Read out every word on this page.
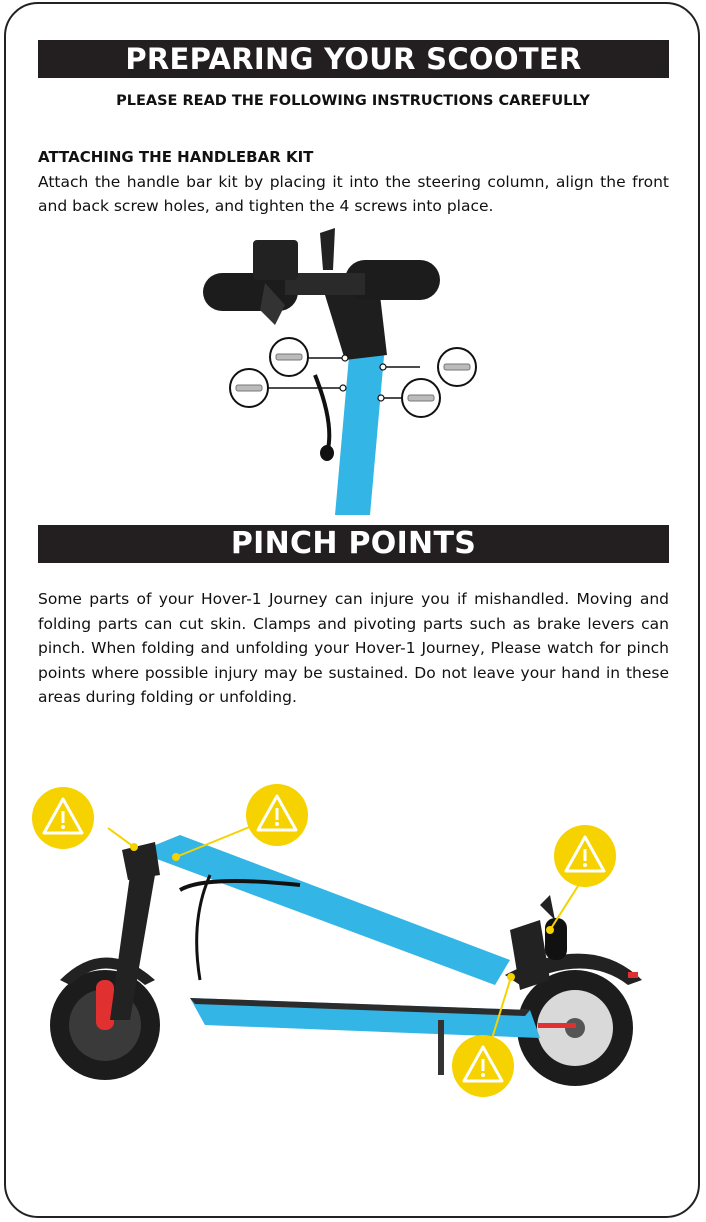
PREPARING YOUR SCOOTER
PLEASE READ THE FOLLOWING INSTRUCTIONS CAREFULLY
ATTACHING THE HANDLEBAR KIT
Attach the handle bar kit by placing it into the steering column, align the front and back screw holes, and tighten the 4 screws into place.
PINCH POINTS
Some parts of your Hover-1 Journey can injure you if mishandled. Moving and folding parts can cut skin. Clamps and pivoting parts such as brake levers can pinch. When folding and unfolding your Hover-1 Journey, Please watch for pinch points where possible injury may be sustained. Do not leave your hand in these areas during folding or unfolding.
